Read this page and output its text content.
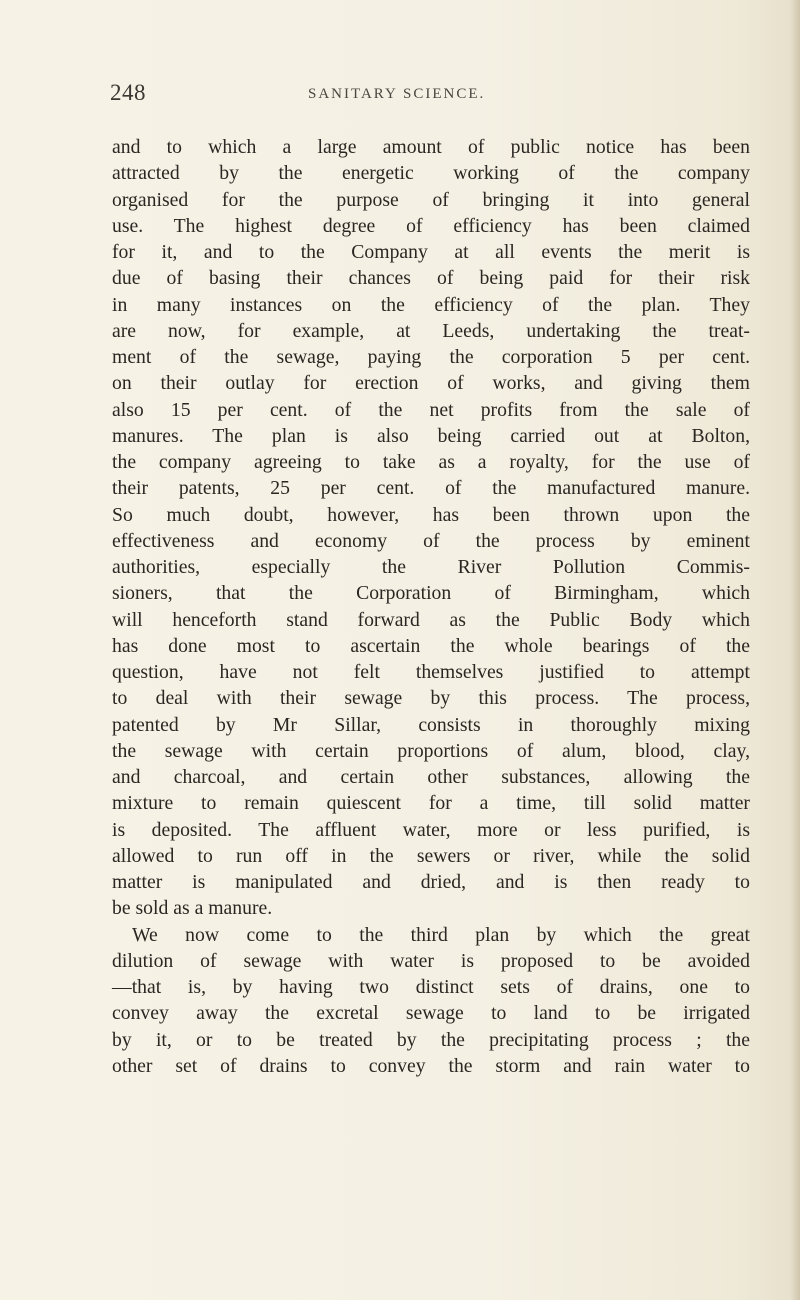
248	SANITARY SCIENCE.
and to which a large amount of public notice has been
attracted by the energetic working of the company
organised for the purpose of bringing it into general
use. The highest degree of efficiency has been claimed
for it, and to the Company at all events the merit is
due of basing their chances of being paid for their risk
in many instances on the efficiency of the plan. They
are now, for example, at Leeds, undertaking the treat-
ment of the sewage, paying the corporation 5 per cent.
on their outlay for erection of works, and giving them
also 15 per cent. of the net profits from the sale of
manures. The plan is also being carried out at Bolton,
the company agreeing to take as a royalty, for the use of
their patents, 25 per cent. of the manufactured manure.
So much doubt, however, has been thrown upon the
effectiveness and economy of the process by eminent
authorities, especially the River Pollution Commis-
sioners, that the Corporation of Birmingham, which
will henceforth stand forward as the Public Body which
has done most to ascertain the whole bearings of the
question, have not felt themselves justified to attempt
to deal with their sewage by this process. The process,
patented by Mr Sillar, consists in thoroughly mixing
the sewage with certain proportions of alum, blood, clay,
and charcoal, and certain other substances, allowing the
mixture to remain quiescent for a time, till solid matter
is deposited. The affluent water, more or less purified, is
allowed to run off in the sewers or river, while the solid
matter is manipulated and dried, and is then ready to
be sold as a manure.
We now come to the third plan by which the great
dilution of sewage with water is proposed to be avoided
—that is, by having two distinct sets of drains, one to
convey away the excretal sewage to land to be irrigated
by it, or to be treated by the precipitating process ; the
other set of drains to convey the storm and rain water to
